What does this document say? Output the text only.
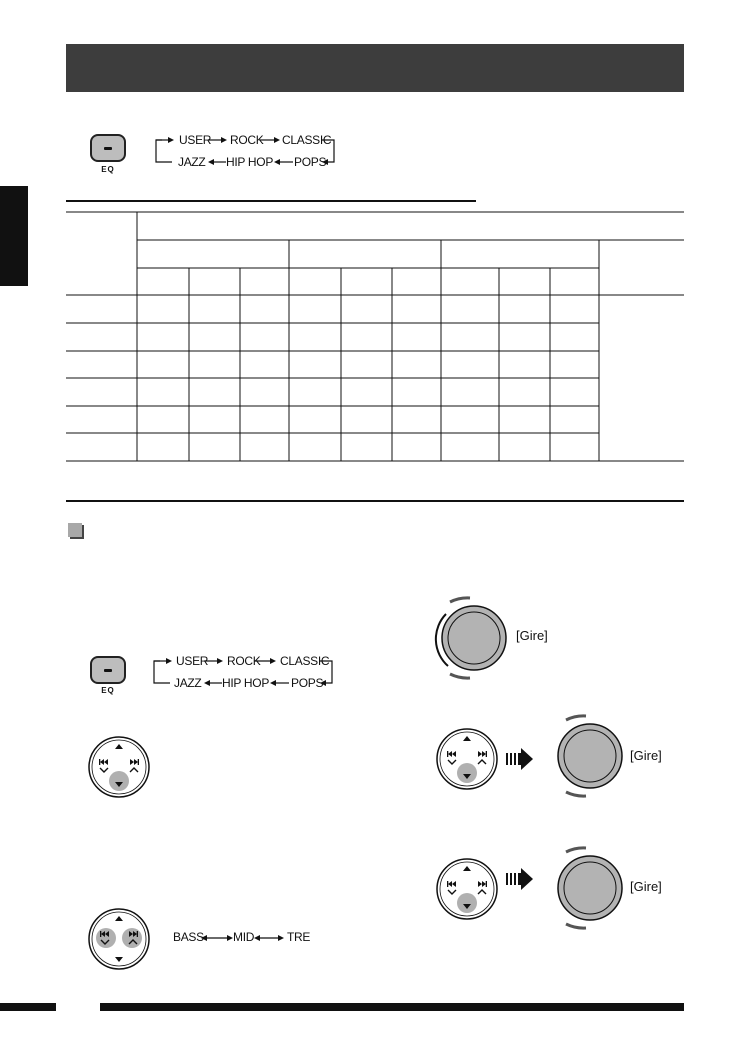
EQ
USER ROCK CLASSIC
JAZZ HIP HOP POPS
EQ
USER ROCK CLASSIC
JAZZ HIP HOP POPS
BASS MID	TRE
[Gire]
[Gire]
[Gire]
